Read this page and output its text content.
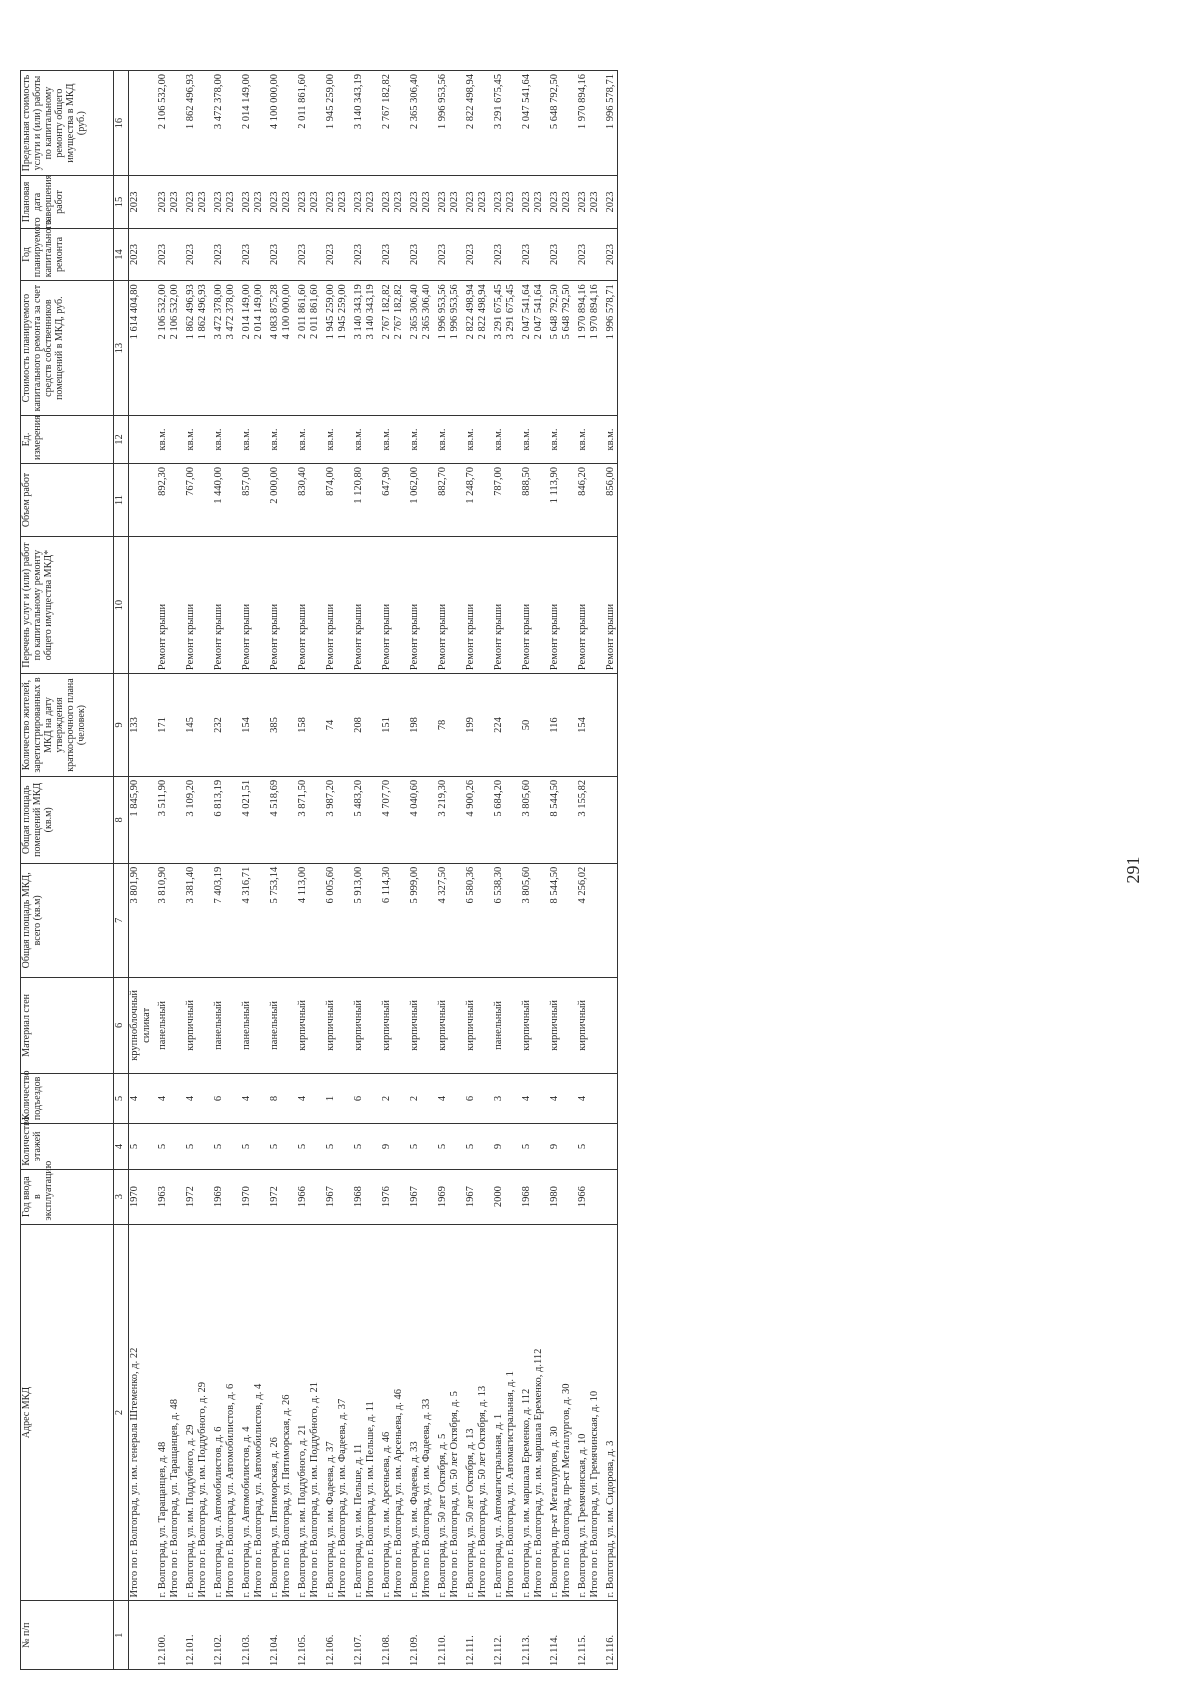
291
№ п/п	Адрес МКД	Год ввода в эксплуатацию	Количество этажей	Количество подъездов	Материал стен	Общая площадь МКД, всего (кв.м)	Общая площадь помещений МКД (кв.м)	Количество жителей, зарегистрированных в МКД на дату утверждения краткосрочного плана (человек)	Перечень услуг и (или) работ по капитальному ремонту общего имущества МКД*	Объем работ	Ед. измерения	Стоимость планируемого капитального ремонта за счет средств собственников помещений в МКД, руб.	Год планируемого капитального ремонта	Плановая дата завершения работ	Предельная стоимость услуги и (или) работы по капитальному ремонту общего имущества в МКД (руб.)
1	2	3	4	5	6	7	8	9	10	11	12	13	14	15	16
	Итого по г. Волгоград, ул. им. генерала Штеменко, д. 22	1970	5	4	крупноблочный силикат	3 801,90	1 845,90	133				1 614 404,80	2023	2023	
12.100.	г. Волгоград, ул. Таращанцев, д. 48	1963	5	4	панельный	3 810,90	3 511,90	171	Ремонт крыши	892,30	кв.м.	2 106 532,00	2023	2023	2 106 532,00
	Итого по г. Волгоград, ул. Таращанцев, д. 48											2 106 532,00		2023	
12.101.	г. Волгоград, ул. им. Поддубного, д. 29	1972	5	4	кирпичный	3 381,40	3 109,20	145	Ремонт крыши	767,00	кв.м.	1 862 496,93	2023	2023	1 862 496,93
	Итого по г. Волгоград, ул. им. Поддубного, д. 29											1 862 496,93		2023	
12.102.	г. Волгоград, ул. Автомобилистов, д. 6	1969	5	6	панельный	7 403,19	6 813,19	232	Ремонт крыши	1 440,00	кв.м.	3 472 378,00	2023	2023	3 472 378,00
	Итого по г. Волгоград, ул. Автомобилистов, д. 6											3 472 378,00		2023	
12.103.	г. Волгоград, ул. Автомобилистов, д. 4	1970	5	4	панельный	4 316,71	4 021,51	154	Ремонт крыши	857,00	кв.м.	2 014 149,00	2023	2023	2 014 149,00
	Итого по г. Волгоград, ул. Автомобилистов, д. 4											2 014 149,00		2023	
12.104.	г. Волгоград, ул. Пятиморская, д. 26	1972	5	8	панельный	5 753,14	4 518,69	385	Ремонт крыши	2 000,00	кв.м.	4 083 875,28	2023	2023	4 100 000,00
	Итого по г. Волгоград, ул. Пятиморская, д. 26											4 100 000,00		2023	
12.105.	г. Волгоград, ул. им. Поддубного, д. 21	1966	5	4	кирпичный	4 113,00	3 871,50	158	Ремонт крыши	830,40	кв.м.	2 011 861,60	2023	2023	2 011 861,60
	Итого по г. Волгоград, ул. им. Поддубного, д. 21											2 011 861,60		2023	
12.106.	г. Волгоград, ул. им. Фадеева, д. 37	1967	5	1	кирпичный	6 005,60	3 987,20	74	Ремонт крыши	874,00	кв.м.	1 945 259,00	2023	2023	1 945 259,00
	Итого по г. Волгоград, ул. им. Фадеева, д. 37											1 945 259,00		2023	
12.107.	г. Волгоград, ул. им. Пельше, д. 11	1968	5	6	кирпичный	5 913,00	5 483,20	208	Ремонт крыши	1 120,80	кв.м.	3 140 343,19	2023	2023	3 140 343,19
	Итого по г. Волгоград, ул. им. Пельше, д. 11											3 140 343,19		2023	
12.108.	г. Волгоград, ул. им. Арсеньева, д. 46	1976	9	2	кирпичный	6 114,30	4 707,70	151	Ремонт крыши	647,90	кв.м.	2 767 182,82	2023	2023	2 767 182,82
	Итого по г. Волгоград, ул. им. Арсеньева, д. 46											2 767 182,82		2023	
12.109.	г. Волгоград, ул. им. Фадеева, д. 33	1967	5	2	кирпичный	5 999,00	4 040,60	198	Ремонт крыши	1 062,00	кв.м.	2 365 306,40	2023	2023	2 365 306,40
	Итого по г. Волгоград, ул. им. Фадеева, д. 33											2 365 306,40		2023	
12.110.	г. Волгоград, ул. 50 лет Октября, д. 5	1969	5	4	кирпичный	4 327,50	3 219,30	78	Ремонт крыши	882,70	кв.м.	1 996 953,56	2023	2023	1 996 953,56
	Итого по г. Волгоград, ул. 50 лет Октября, д. 5											1 996 953,56		2023	
12.111.	г. Волгоград, ул. 50 лет Октября, д. 13	1967	5	6	кирпичный	6 580,36	4 900,26	199	Ремонт крыши	1 248,70	кв.м.	2 822 498,94	2023	2023	2 822 498,94
	Итого по г. Волгоград, ул. 50 лет Октября, д. 13											2 822 498,94		2023	
12.112.	г. Волгоград, ул. Автомагистральная, д. 1	2000	9	3	панельный	6 538,30	5 684,20	224	Ремонт крыши	787,00	кв.м.	3 291 675,45	2023	2023	3 291 675,45
	Итого по г. Волгоград, ул. Автомагистральная, д. 1											3 291 675,45		2023	
12.113.	г. Волгоград, ул. им. маршала Еременко, д. 112	1968	5	4	кирпичный	3 805,60	3 805,60	50	Ремонт крыши	888,50	кв.м.	2 047 541,64	2023	2023	2 047 541,64
	Итого по г. Волгоград, ул. им. маршала Еременко, д.112											2 047 541,64		2023	
12.114.	г. Волгоград, пр-кт Металлургов, д. 30	1980	9	4	кирпичный	8 544,50	8 544,50	116	Ремонт крыши	1 113,90	кв.м.	5 648 792,50	2023	2023	5 648 792,50
	Итого по г. Волгоград, пр-кт Металлургов, д. 30											5 648 792,50		2023	
12.115.	г. Волгоград, ул. Гремячинская, д. 10	1966	5	4	кирпичный	4 256,02	3 155,82	154	Ремонт крыши	846,20	кв.м.	1 970 894,16	2023	2023	1 970 894,16
	Итого по г. Волгоград, ул. Гремячинская, д. 10											1 970 894,16		2023	
12.116.	г. Волгоград, ул. им. Сидорова, д. 3								Ремонт крыши	856,00	кв.м.	1 996 578,71	2023	2023	1 996 578,71
